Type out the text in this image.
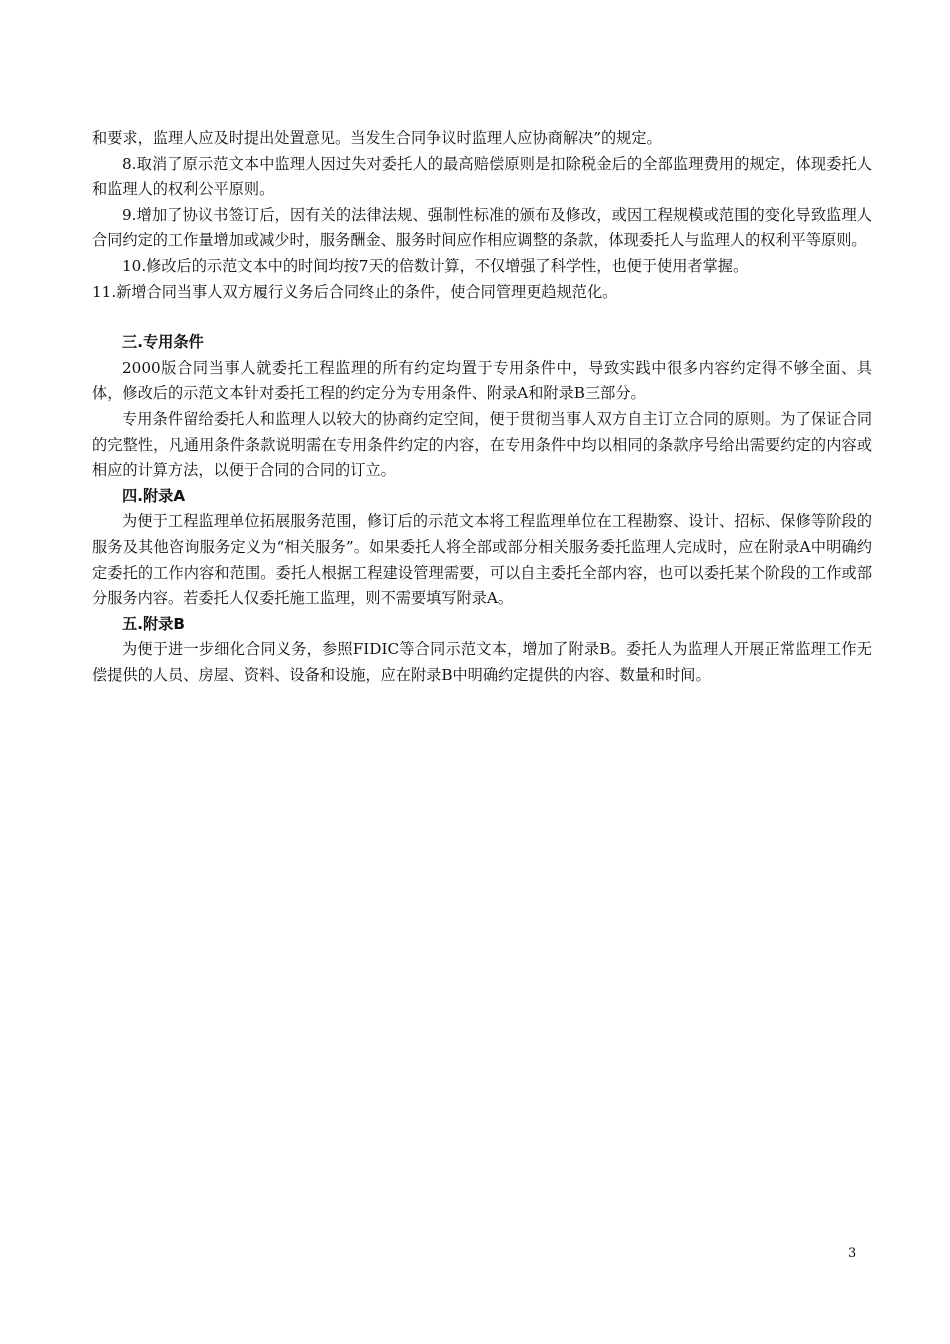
和要求，监理人应及时提出处置意见。当发生合同争议时监理人应协商解决”的规定。

8.取消了原示范文本中监理人因过失对委托人的最高赔偿原则是扣除税金后的全部监理费用的规定，体现委托人和监理人的权利公平原则。

9.增加了协议书签订后，因有关的法律法规、强制性标准的颁布及修改，或因工程规模或范围的变化导致监理人合同约定的工作量增加或减少时，服务酬金、服务时间应作相应调整的条款，体现委托人与监理人的权利平等原则。

10.修改后的示范文本中的时间均按7天的倍数计算，不仅增强了科学性，也便于使用者掌握。

11.新增合同当事人双方履行义务后合同终止的条件，使合同管理更趋规范化。

三.专用条件

2000版合同当事人就委托工程监理的所有约定均置于专用条件中，导致实践中很多内容约定得不够全面、具体，修改后的示范文本针对委托工程的约定分为专用条件、附录A和附录B三部分。

专用条件留给委托人和监理人以较大的协商约定空间，便于贯彻当事人双方自主订立合同的原则。为了保证合同的完整性，凡通用条件条款说明需在专用条件约定的内容，在专用条件中均以相同的条款序号给出需要约定的内容或相应的计算方法，以便于合同的合同的订立。

四.附录A

为便于工程监理单位拓展服务范围，修订后的示范文本将工程监理单位在工程勘察、设计、招标、保修等阶段的服务及其他咨询服务定义为“相关服务”。如果委托人将全部或部分相关服务委托监理人完成时，应在附录A中明确约定委托的工作内容和范围。委托人根据工程建设管理需要，可以自主委托全部内容，也可以委托某个阶段的工作或部分服务内容。若委托人仅委托施工监理，则不需要填写附录A。

五.附录B

为便于进一步细化合同义务，参照FIDIC等合同示范文本，增加了附录B。委托人为监理人开展正常监理工作无偿提供的人员、房屋、资料、设备和设施，应在附录B中明确约定提供的内容、数量和时间。

3
